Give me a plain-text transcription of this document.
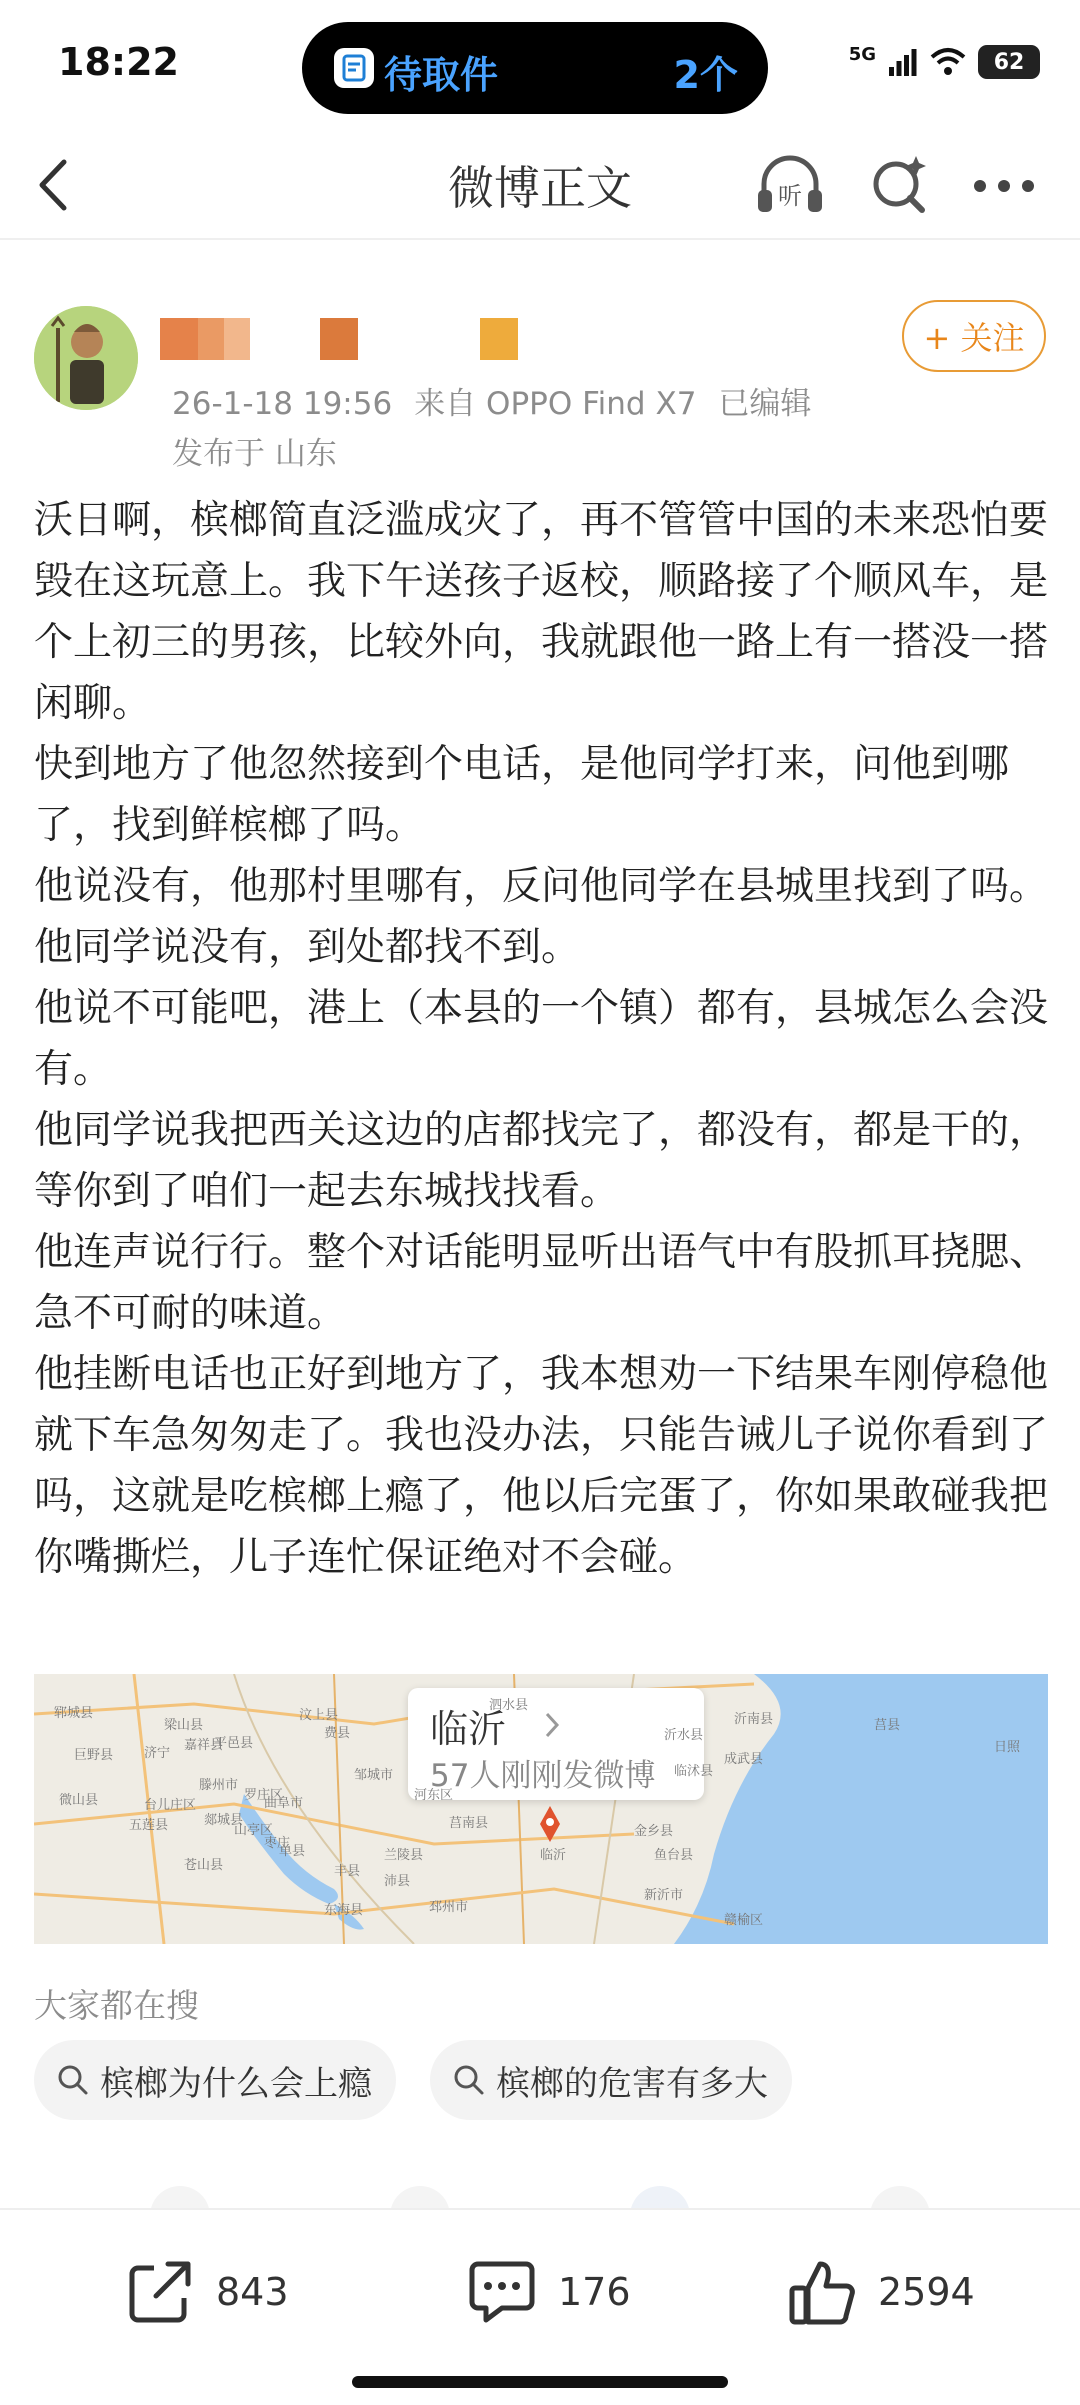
18:22	待取件	2个	5G	62
微博正文	听
26-1-18 19:56 来自 OPPO Find X7 已编辑
发布于 山东
+ 关注

沃日啊，槟榔简直泛滥成灾了，再不管管中国的未来恐怕要毁在这玩意上。我下午送孩子返校，顺路接了个顺风车，是个上初三的男孩，比较外向，我就跟他一路上有一搭没一搭闲聊。

快到地方了他忽然接到个电话，是他同学打来，问他到哪了，找到鲜槟榔了吗。

他说没有，他那村里哪有，反问他同学在县城里找到了吗。

他同学说没有，到处都找不到。

他说不可能吧，港上（本县的一个镇）都有，县城怎么会没有。

他同学说我把西关这边的店都找完了，都没有，都是干的，等你到了咱们一起去东城找找看。

他连声说行行。整个对话能明显听出语气中有股抓耳挠腮、急不可耐的味道。

他挂断电话也正好到地方了，我本想劝一下结果车刚停稳他就下车急匆匆走了。我也没办法，只能告诫儿子说你看到了吗，这就是吃槟榔上瘾了，他以后完蛋了，你如果敢碰我把你嘴撕烂，儿子连忙保证绝对不会碰。

临沂
57人刚刚发微博
郓城县
梁山县
汶上县
泗水县
平邑县
费县	沂水县
沂南县	莒县
日照
巨野县
嘉祥县
济宁
邹城市
滕州市
曲阜市
山亭区
枣庄
兰陵县
莒南县
临沭县
成武县
金乡县
鱼台县
微山县	台儿庄区
郯城县
单县
丰县
沛县
苍山县
东海县	邳州市
新沂市
赣榆区
五莲县
罗庄区	河东区
临沂
大家都在搜
槟榔为什么会上瘾	槟榔的危害有多大
843	176	2594
